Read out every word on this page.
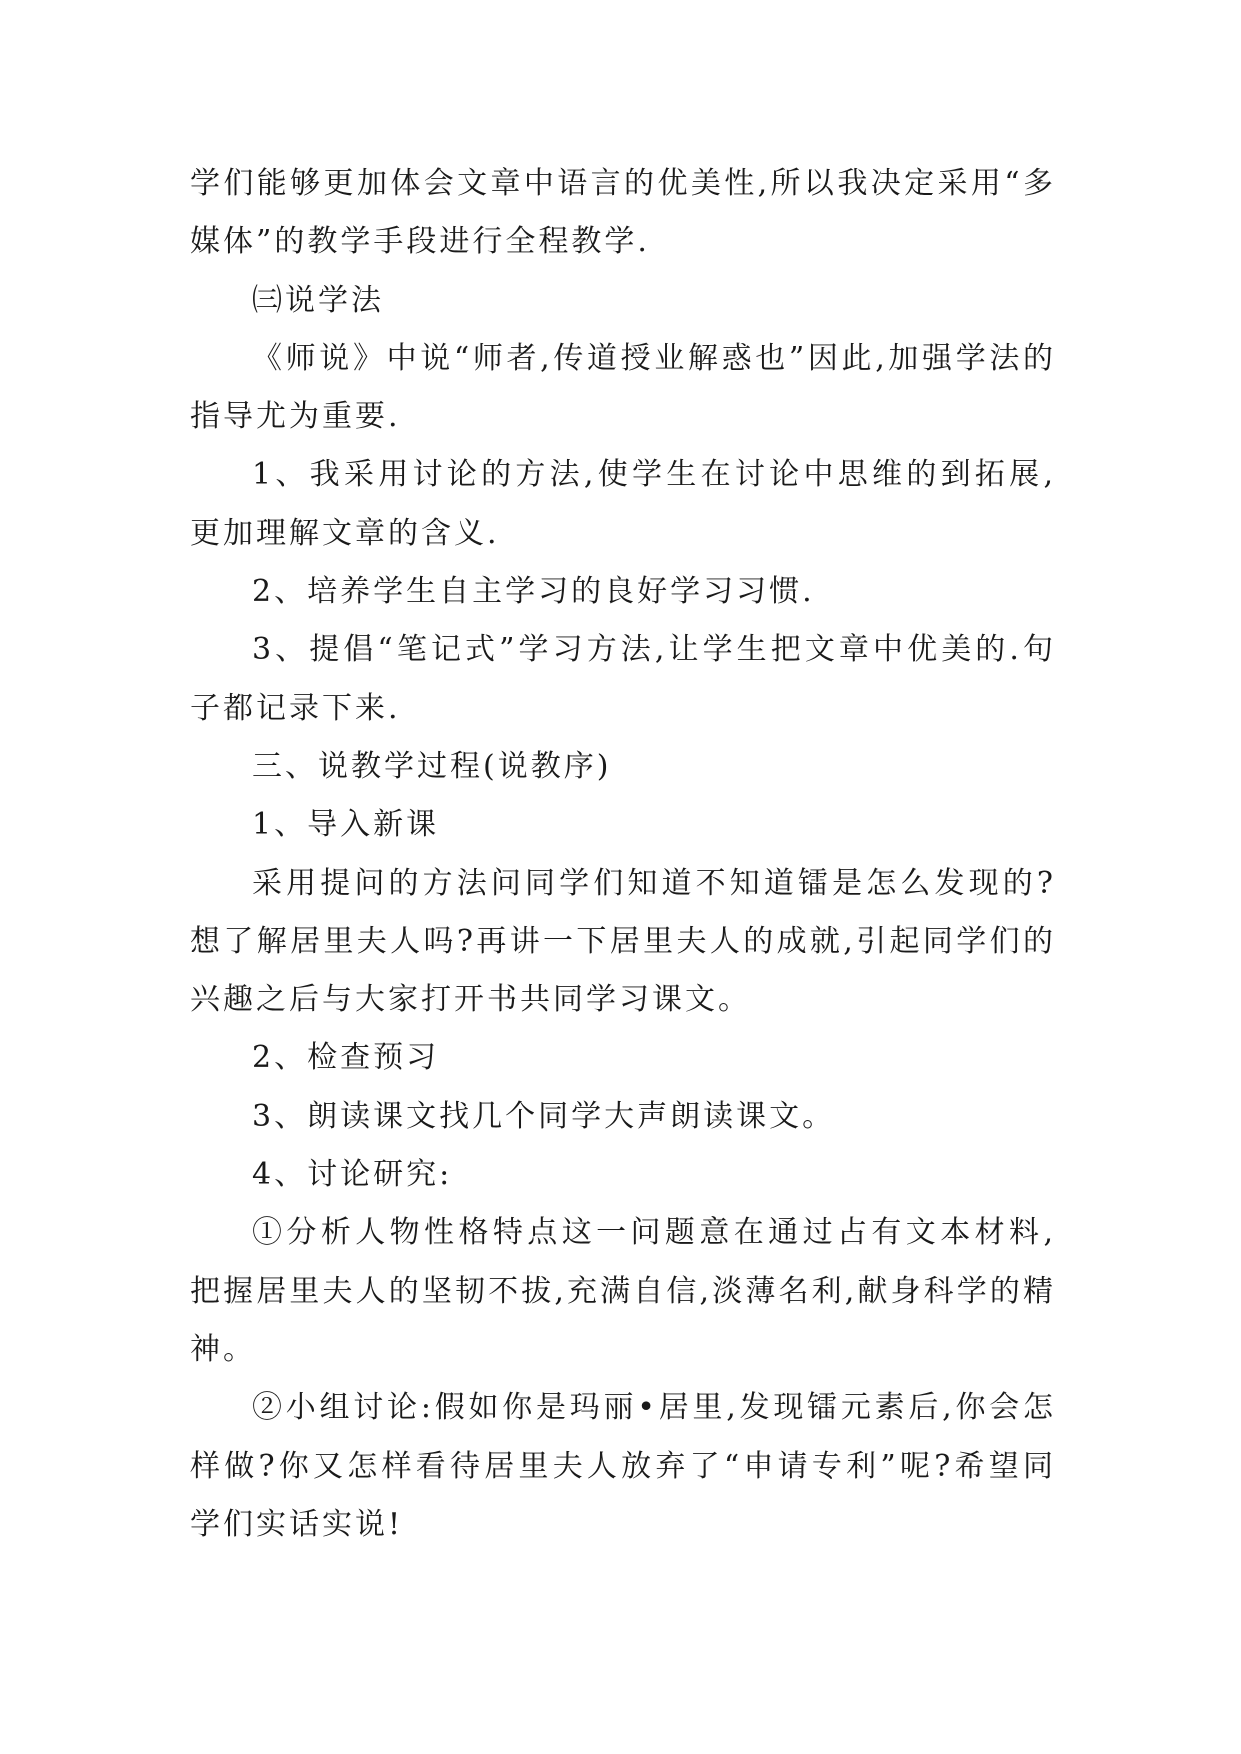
学们能够更加体会文章中语言的优美性,所以我决定采用“多媒体”的教学手段进行全程教学.

㈢说学法

《师说》中说“师者,传道授业解惑也”因此,加强学法的指导尤为重要.

1、我采用讨论的方法,使学生在讨论中思维的到拓展,更加理解文章的含义.

2、培养学生自主学习的良好学习习惯.

3、提倡“笔记式”学习方法,让学生把文章中优美的.句子都记录下来.

三、说教学过程(说教序)

1、导入新课

采用提问的方法问同学们知道不知道镭是怎么发现的?想了解居里夫人吗?再讲一下居里夫人的成就,引起同学们的兴趣之后与大家打开书共同学习课文。

2、检查预习

3、朗读课文找几个同学大声朗读课文。

4、讨论研究:

①分析人物性格特点这一问题意在通过占有文本材料,把握居里夫人的坚韧不拔,充满自信,淡薄名利,献身科学的精神。

②小组讨论:假如你是玛丽•居里,发现镭元素后,你会怎样做?你又怎样看待居里夫人放弃了“申请专利”呢?希望同学们实话实说!
